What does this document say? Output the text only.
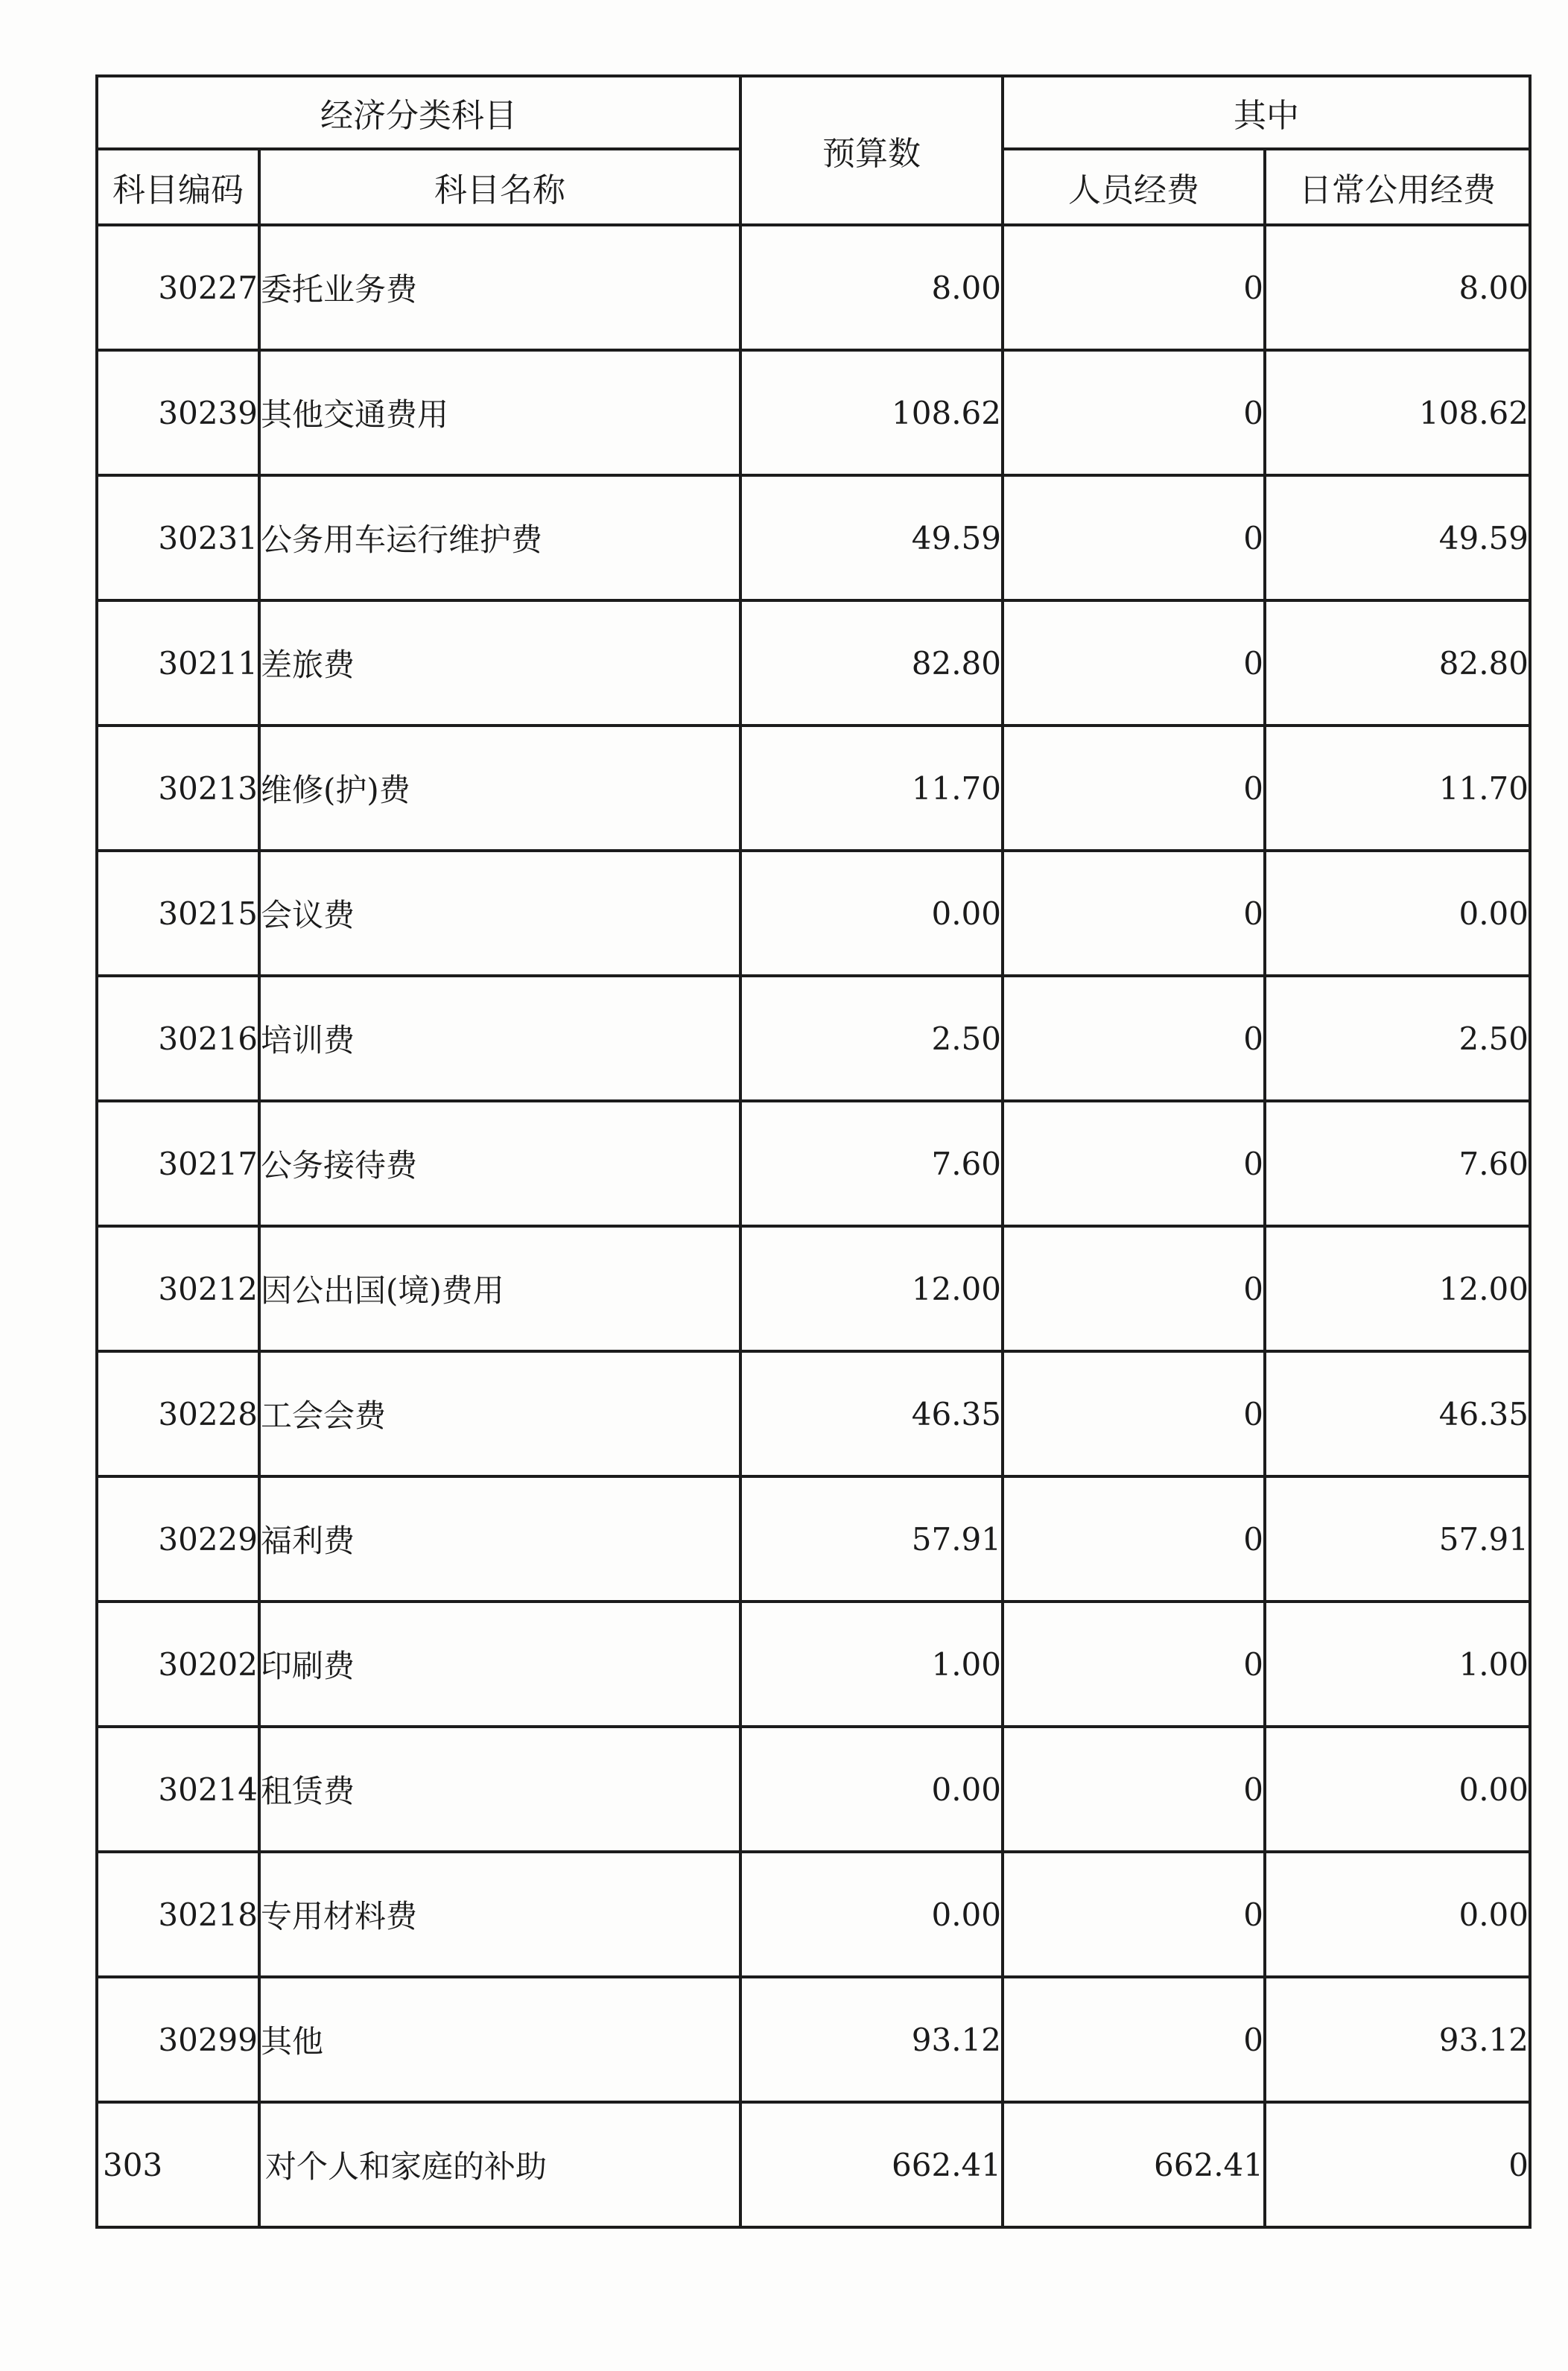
经济分类科目		预算数	其中	
科目编码	科目名称		人员经费	日常公用经费
30227	委托业务费	8.00	0	8.00
30239	其他交通费用	108.62	0	108.62
30231	公务用车运行维护费	49.59	0	49.59
30211	差旅费	82.80	0	82.80
30213	维修(护)费	11.70	0	11.70
30215	会议费	0.00	0	0.00
30216	培训费	2.50	0	2.50
30217	公务接待费	7.60	0	7.60
30212	因公出国(境)费用	12.00	0	12.00
30228	工会会费	46.35	0	46.35
30229	福利费	57.91	0	57.91
30202	印刷费	1.00	0	1.00
30214	租赁费	0.00	0	0.00
30218	专用材料费	0.00	0	0.00
30299	其他	93.12	0	93.12
303	对个人和家庭的补助	662.41	662.41	0
